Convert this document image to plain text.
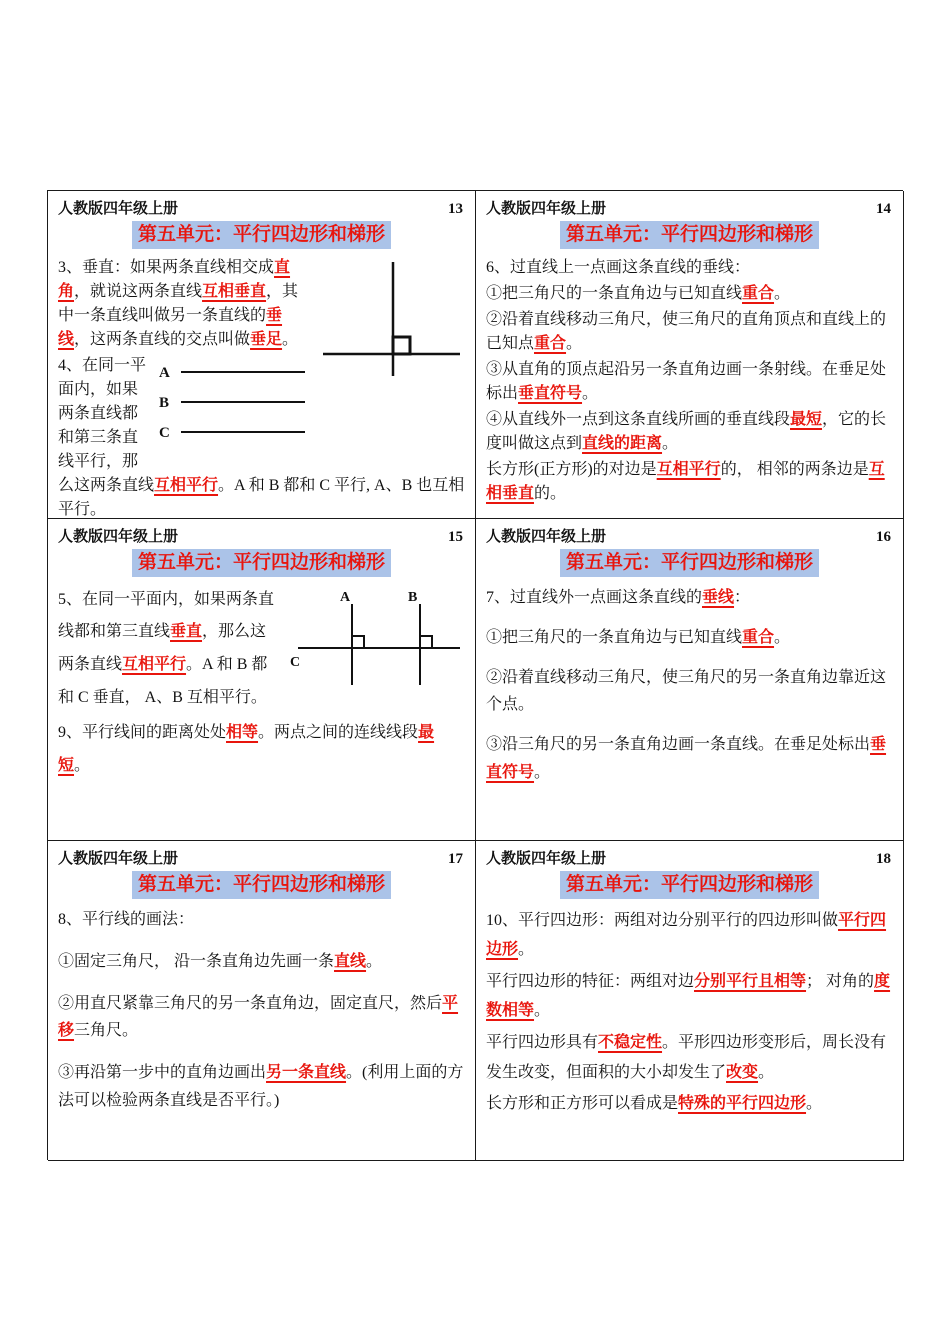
人教版四年级上册	13
第五单元：平行四边形和梯形
3、垂直：如果两条直线相交成直角，就说这两条直线互相垂直，其中一条直线叫做另一条直线的垂线，这两条直线的交点叫做垂足。
A
B
C
4、在同一平面内，如果两条直线都和第三条直线平行，那么这两条直线互相平行。A 和 B 都和 C 平行, A、B 也互相平行。
人教版四年级上册	14
第五单元：平行四边形和梯形
6、过直线上一点画这条直线的垂线：
①把三角尺的一条直角边与已知直线重合。
②沿着直线移动三角尺，使三角尺的直角顶点和直线上的已知点重合。
③从直角的顶点起沿另一条直角边画一条射线。在垂足处标出垂直符号。
④从直线外一点到这条直线所画的垂直线段最短，它的长度叫做这点到直线的距离。
长方形(正方形)的对边是互相平行的， 相邻的两条边是互相垂直的。
人教版四年级上册	15
第五单元：平行四边形和梯形
A	B
C
5、在同一平面内，如果两条直线都和第三直线垂直，那么这两条直线互相平行。A 和 B 都和 C 垂直， A、B 互相平行。
9、平行线间的距离处处相等。两点之间的连线线段最短。
人教版四年级上册	16
第五单元：平行四边形和梯形
7、过直线外一点画这条直线的垂线：
①把三角尺的一条直角边与已知直线重合。
②沿着直线移动三角尺，使三角尺的另一条直角边靠近这个点。
③沿三角尺的另一条直角边画一条直线。在垂足处标出垂直符号。
人教版四年级上册	17
第五单元：平行四边形和梯形
8、平行线的画法：
①固定三角尺， 沿一条直角边先画一条直线。
②用直尺紧靠三角尺的另一条直角边，固定直尺，然后平移三角尺。
③再沿第一步中的直角边画出另一条直线。(利用上面的方法可以检验两条直线是否平行。)
人教版四年级上册	18
第五单元：平行四边形和梯形
10、平行四边形：两组对边分别平行的四边形叫做平行四边形。
平行四边形的特征：两组对边分别平行且相等； 对角的度数相等。
平行四边形具有不稳定性。平形四边形变形后，周长没有发生改变，但面积的大小却发生了改变。
长方形和正方形可以看成是特殊的平行四边形。
